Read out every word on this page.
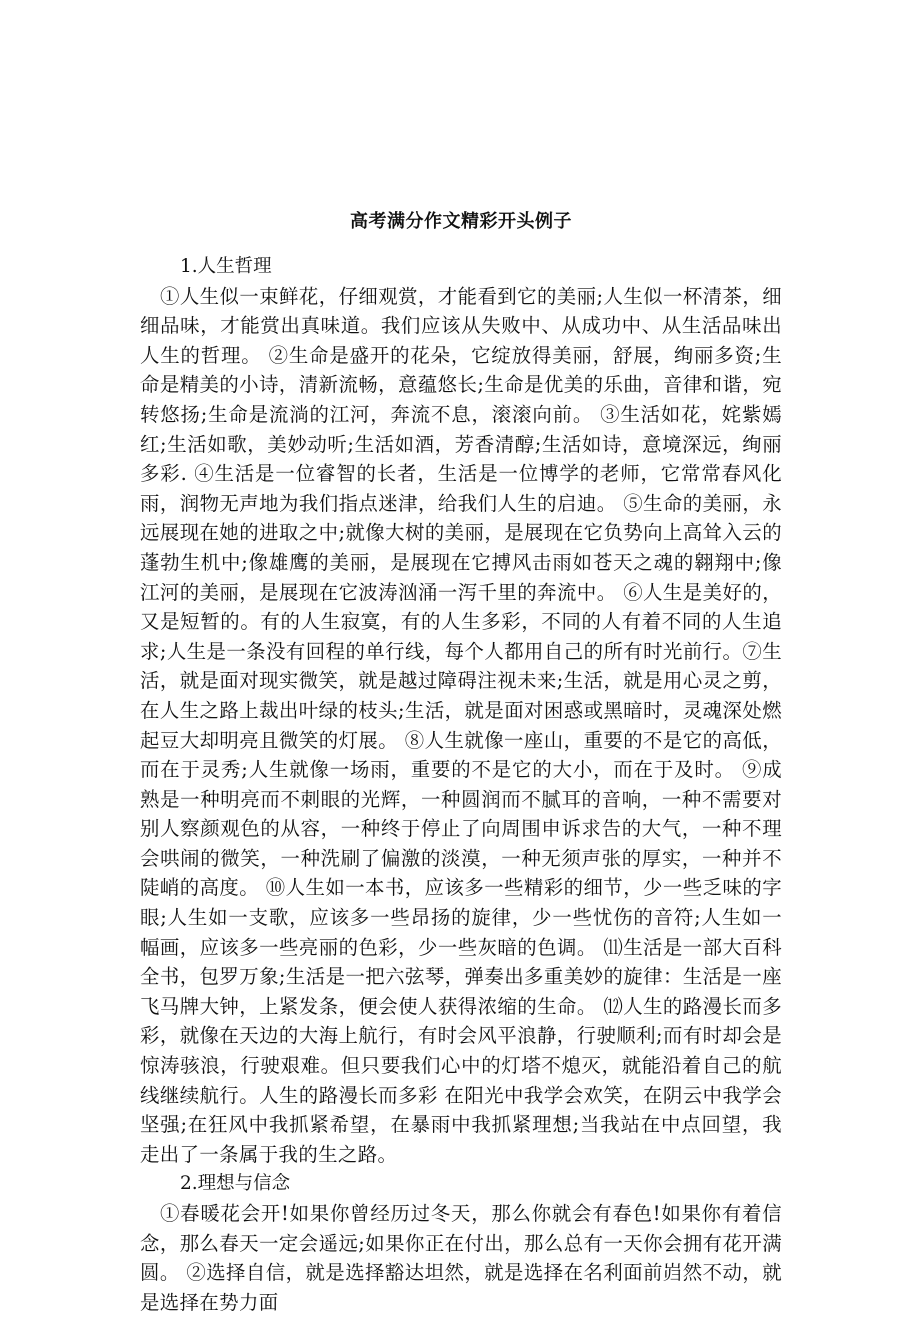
高考满分作文精彩开头例子

1.人生哲理

①人生似一束鲜花，仔细观赏，才能看到它的美丽;人生似一杯清茶，细细品味，才能赏出真味道。我们应该从失败中、从成功中、从生活品味出人生的哲理。 ②生命是盛开的花朵，它绽放得美丽，舒展，绚丽多资;生命是精美的小诗，清新流畅，意蕴悠长;生命是优美的乐曲，音律和谐，宛转悠扬;生命是流淌的江河，奔流不息，滚滚向前。 ③生活如花，姹紫嫣红;生活如歌，美妙动听;生活如酒，芳香清醇;生活如诗，意境深远，绚丽多彩. ④生活是一位睿智的长者，生活是一位博学的老师，它常常春风化雨，润物无声地为我们指点迷津，给我们人生的启迪。 ⑤生命的美丽，永远展现在她的进取之中;就像大树的美丽，是展现在它负势向上高耸入云的蓬勃生机中;像雄鹰的美丽，是展现在它搏风击雨如苍天之魂的翱翔中;像江河的美丽，是展现在它波涛汹涌一泻千里的奔流中。 ⑥人生是美好的，又是短暂的。有的人生寂寞，有的人生多彩，不同的人有着不同的人生追求;人生是一条没有回程的单行线，每个人都用自己的所有时光前行。⑦生活，就是面对现实微笑，就是越过障碍注视未来;生活，就是用心灵之剪，在人生之路上裁出叶绿的枝头;生活，就是面对困惑或黑暗时，灵魂深处燃起豆大却明亮且微笑的灯展。 ⑧人生就像一座山，重要的不是它的高低，而在于灵秀;人生就像一场雨，重要的不是它的大小，而在于及时。 ⑨成熟是一种明亮而不刺眼的光辉，一种圆润而不腻耳的音响，一种不需要对别人察颜观色的从容，一种终于停止了向周围申诉求告的大气，一种不理会哄闹的微笑，一种洗刷了偏激的淡漠，一种无须声张的厚实，一种并不陡峭的高度。 ⑩人生如一本书，应该多一些精彩的细节，少一些乏味的字眼;人生如一支歌，应该多一些昂扬的旋律，少一些忧伤的音符;人生如一幅画，应该多一些亮丽的色彩，少一些灰暗的色调。 ⑾生活是一部大百科全书，包罗万象;生活是一把六弦琴，弹奏出多重美妙的旋律：生活是一座飞马牌大钟，上紧发条，便会使人获得浓缩的生命。 ⑿人生的路漫长而多彩，就像在天边的大海上航行，有时会风平浪静，行驶顺利;而有时却会是惊涛骇浪，行驶艰难。但只要我们心中的灯塔不熄灭，就能沿着自己的航线继续航行。人生的路漫长而多彩 在阳光中我学会欢笑，在阴云中我学会坚强;在狂风中我抓紧希望，在暴雨中我抓紧理想;当我站在中点回望，我走出了一条属于我的生之路。

2.理想与信念

①春暖花会开!如果你曾经历过冬天，那么你就会有春色!如果你有着信念，那么春天一定会遥远;如果你正在付出，那么总有一天你会拥有花开满圆。 ②选择自信，就是选择豁达坦然，就是选择在名利面前岿然不动，就是选择在势力面
